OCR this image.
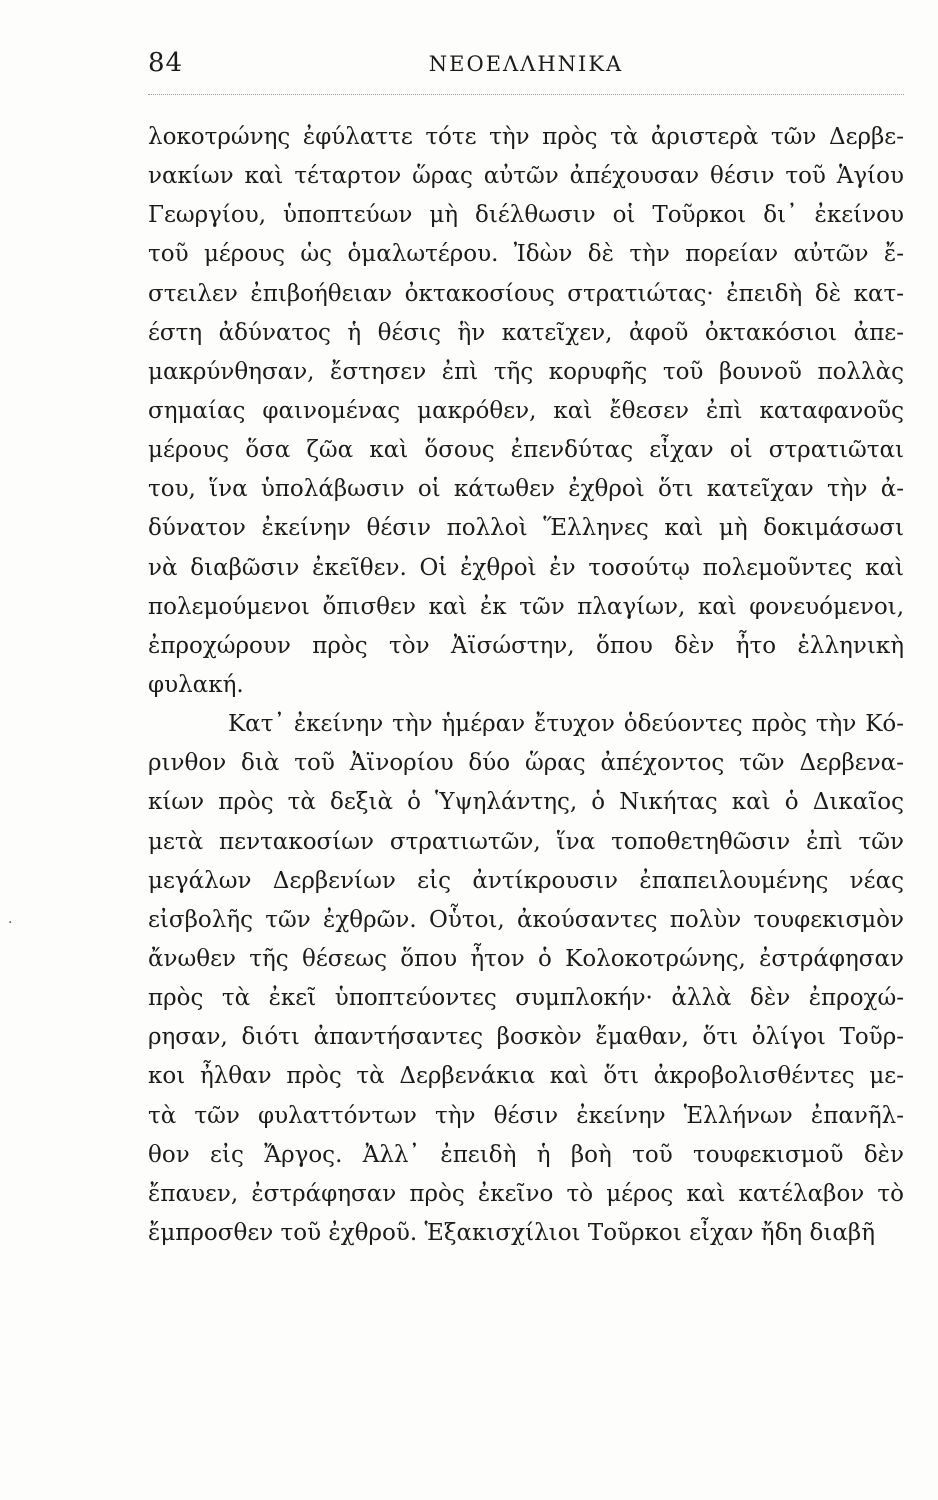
84	ΝΕΟΕΛΛΗΝΙΚΑ
·
λοκοτρώνης ἐφύλαττε τότε τὴν πρὸς τὰ ἀριστερὰ τῶν Δερβε-
νακίων καὶ τέταρτον ὥρας αὐτῶν ἀπέχουσαν θέσιν τοῦ Ἁγίου
Γεωργίου, ὑποπτεύων μὴ διέλθωσιν οἱ Τοῦρκοι δι᾽ ἐκείνου
τοῦ μέρους ὡς ὁμαλωτέρου. Ἰδὼν δὲ τὴν πορείαν αὐτῶν ἔ-
στειλεν ἐπιβοήθειαν ὀκτακοσίους στρατιώτας· ἐπειδὴ δὲ κατ-
έστη ἀδύνατος ἡ θέσις ἣν κατεῖχεν, ἀφοῦ ὀκτακόσιοι ἀπε-
μακρύνθησαν, ἔστησεν ἐπὶ τῆς κορυφῆς τοῦ βουνοῦ πολλὰς
σημαίας φαινομένας μακρόθεν, καὶ ἔθεσεν ἐπὶ καταφανοῦς
μέρους ὅσα ζῶα καὶ ὅσους ἐπενδύτας εἶχαν οἱ στρατιῶται
του, ἵνα ὑπολάβωσιν οἱ κάτωθεν ἐχθροὶ ὅτι κατεῖχαν τὴν ἀ-
δύνατον ἐκείνην θέσιν πολλοὶ Ἕλληνες καὶ μὴ δοκιμάσωσι
νὰ διαβῶσιν ἐκεῖθεν. Οἱ ἐχθροὶ ἐν τοσούτῳ πολεμοῦντες καὶ
πολεμούμενοι ὄπισθεν καὶ ἐκ τῶν πλαγίων, καὶ φονευόμενοι,
ἐπροχώρουν πρὸς τὸν Ἀϊσώστην, ὅπου δὲν ἦτο ἑλληνικὴ
φυλακή.
Κατ᾽ ἐκείνην τὴν ἡμέραν ἔτυχον ὁδεύοντες πρὸς τὴν Κό-
ρινθον διὰ τοῦ Ἀϊνορίου δύο ὥρας ἀπέχοντος τῶν Δερβενα-
κίων πρὸς τὰ δεξιὰ ὁ Ὑψηλάντης, ὁ Νικήτας καὶ ὁ Δικαῖος
μετὰ πεντακοσίων στρατιωτῶν, ἵνα τοποθετηθῶσιν ἐπὶ τῶν
μεγάλων Δερβενίων εἰς ἀντίκρουσιν ἐπαπειλουμένης νέας
εἰσβολῆς τῶν ἐχθρῶν. Οὗτοι, ἀκούσαντες πολὺν τουφεκισμὸν
ἄνωθεν τῆς θέσεως ὅπου ἦτον ὁ Κολοκοτρώνης, ἐστράφησαν
πρὸς τὰ ἐκεῖ ὑποπτεύοντες συμπλοκήν· ἀλλὰ δὲν ἐπροχώ-
ρησαν, διότι ἀπαντήσαντες βοσκὸν ἔμαθαν, ὅτι ὀλίγοι Τοῦρ-
κοι ἦλθαν πρὸς τὰ Δερβενάκια καὶ ὅτι ἀκροβολισθέντες με-
τὰ τῶν φυλαττόντων τὴν θέσιν ἐκείνην Ἑλλήνων ἐπανῆλ-
θον εἰς Ἄργος. Ἀλλ᾽ ἐπειδὴ ἡ βοὴ τοῦ τουφεκισμοῦ δὲν
ἔπαυεν, ἐστράφησαν πρὸς ἐκεῖνο τὸ μέρος καὶ κατέλαβον τὸ
ἔμπροσθεν τοῦ ἐχθροῦ. Ἑξακισχίλιοι Τοῦρκοι εἶχαν ἤδη διαβῆ
